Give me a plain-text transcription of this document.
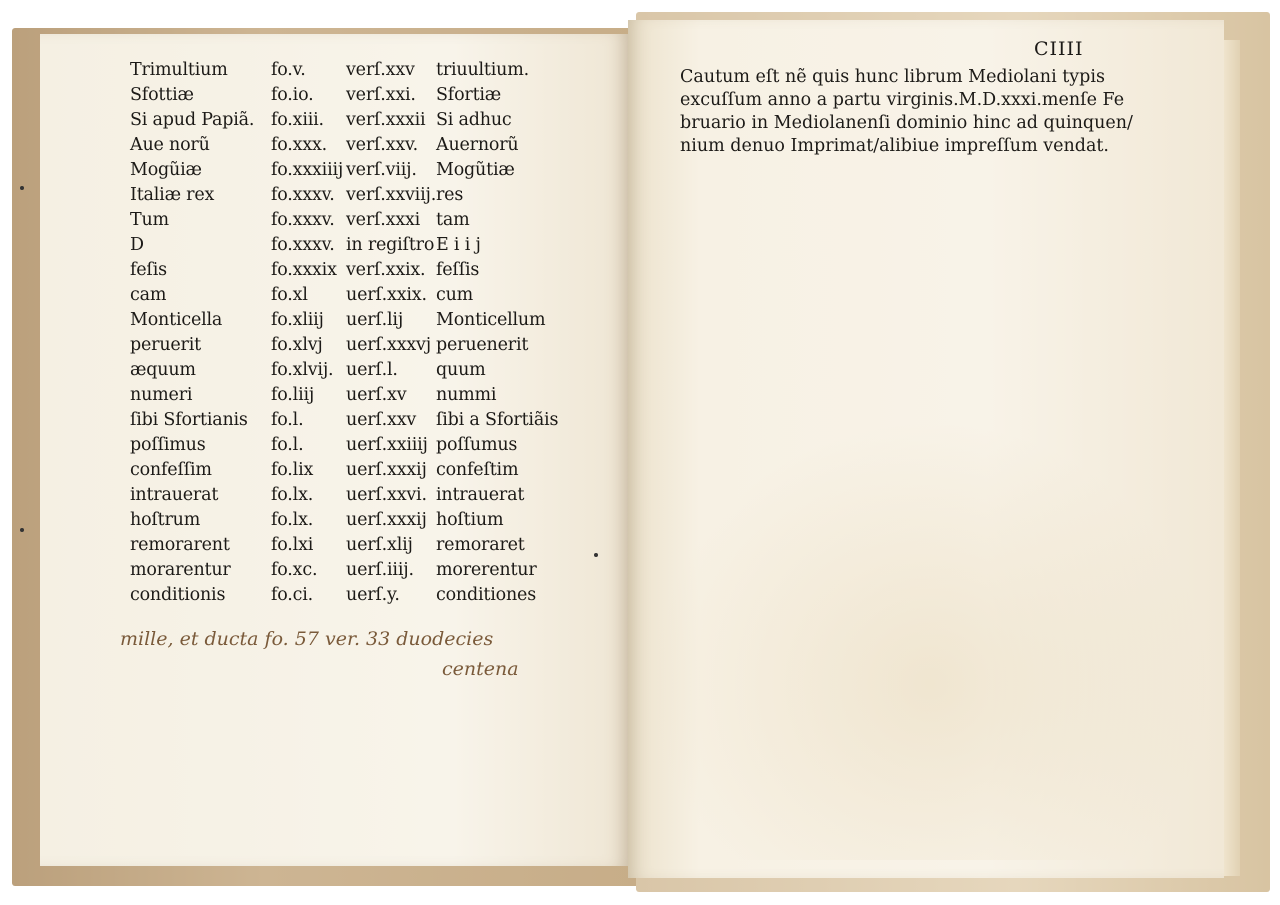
Trimultium fo.v. verſ.xxv triuultium.
Sfottiæ	fo.io. verſ.xxi. Sfortiæ
Si apud Papiã. fo.xiii. verſ.xxxii Si adhuc
Aue norũ	fo.xxx. verſ.xxv. Auernorũ
Mogũiæ	fo.xxxiiij verſ.viij. Mogũtiæ
Italiæ rex	fo.xxxv. verſ.xxviij. res
Tum	fo.xxxv. verſ.xxxi tam
D	fo.xxxv. in regiſtro E i i j
feſis	fo.xxxix verſ.xxix. feſſis
cam	fo.xl uerſ.xxix. cum
Monticella	fo.xliij uerſ.lij Monticellum
peruerit	fo.xlvj uerſ.xxxvj peruenerit
æquum	fo.xlvij. uerſ.l. quum
numeri	fo.liij uerſ.xv nummi
ſibi Sfortianis fo.l. uerſ.xxv ſibi a Sfortiãis
poſſimus	fo.l. uerſ.xxiiij poſſumus
confeſſim	fo.lix uerſ.xxxij confeſtim
intrauerat	fo.lx. uerſ.xxvi. intrauerat
hoſtrum	fo.lx. uerſ.xxxij hoſtium
remorarent fo.lxi uerſ.xlij remoraret
morarentur fo.xc. uerſ.iiij. morerentur
conditionis	fo.ci. uerſ.y. conditiones
mille, et ducta fo. 57 ver. 33 duodecies
centena
CIIII
Cautum eſt nẽ quis hunc librum Mediolani typis
excuſſum anno a partu virginis.M.D.xxxi.menſe Fe
bruario in Mediolanenſi dominio hinc ad quinquen/
nium denuo Imprimat/alibiue impreſſum vendat.
